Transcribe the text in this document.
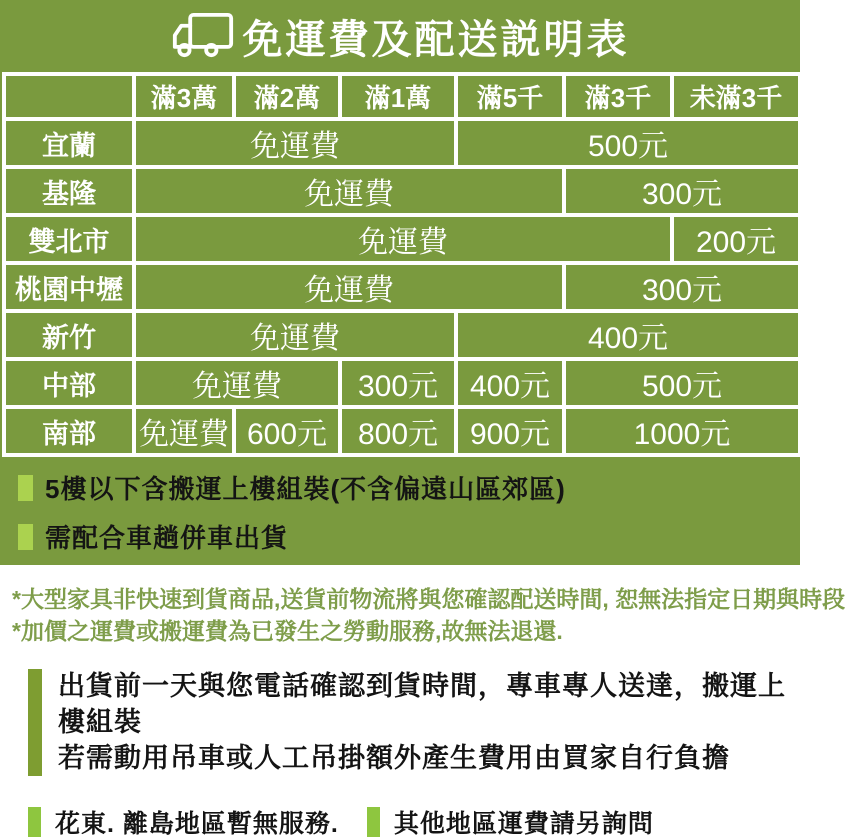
免運費及配送説明表
	滿3萬	滿2萬	滿1萬	滿5千	滿3千	未滿3千
宜蘭	免運費			500元		
基隆	免運費				300元	
雙北市	免運費					200元
桃園中壢	免運費				300元	
新竹	免運費			400元		
中部	免運費		300元	400元	500元	
南部	免運費	600元	800元	900元	1000元	
5樓以下含搬運上樓組裝(不含偏遠山區郊區)
需配合車趟併車出貨
*大型家具非快速到貨商品,送貨前物流將與您確認配送時間, 恕無法指定日期與時段
*加價之運費或搬運費為已發生之勞動服務,故無法退還.
出貨前一天與您電話確認到貨時間，專車專人送達，搬運上樓組裝
若需動用吊車或人工吊掛額外產生費用由買家自行負擔
花東. 離島地區暫無服務. 其他地區運費請另詢問
